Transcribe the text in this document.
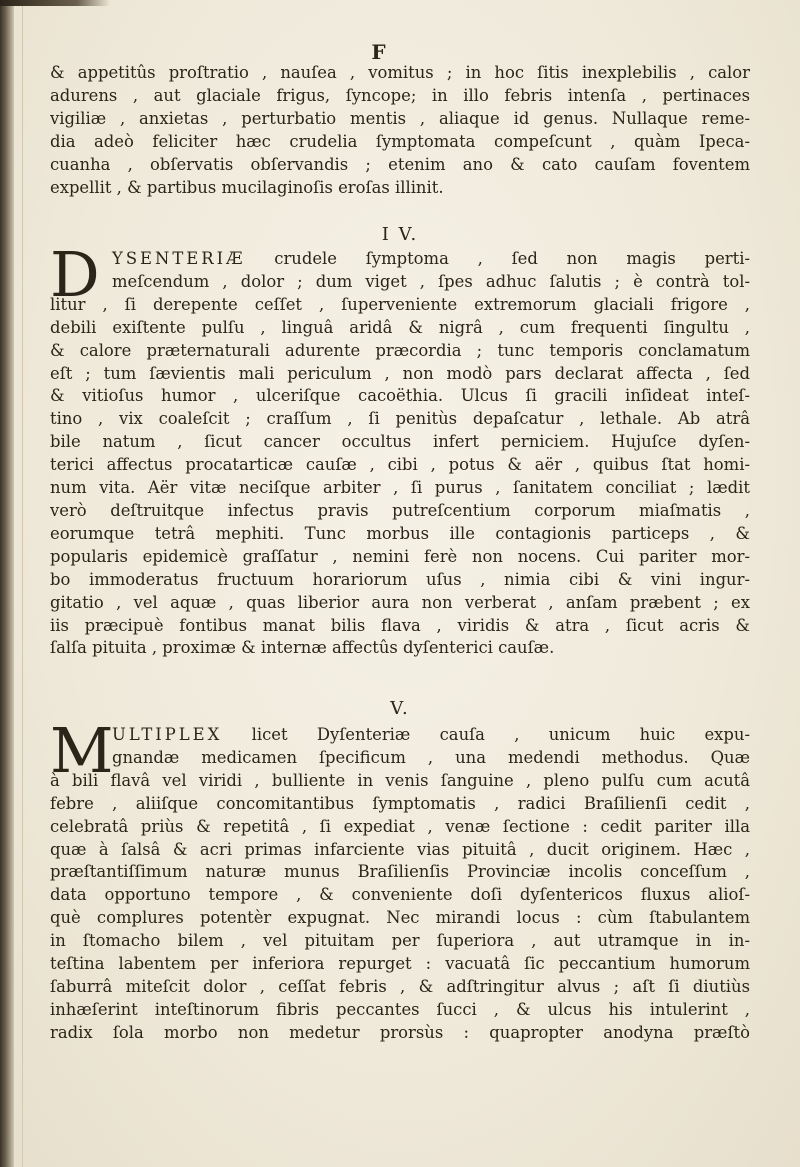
F
& appetitûs proſtratio , nauſea , vomitus ; in hoc ſitis inexplebilis , calor
adurens , aut glaciale frigus, ſyncope; in illo febris intenſa , pertinaces
vigiliæ , anxietas , perturbatio mentis , aliaque id genus. Nullaque reme-
dia adeò feliciter hæc crudelia ſymptomata compeſcunt , quàm Ipeca-
cuanha , obſervatis obſervandis ; etenim ano & cato cauſam foventem
expellit , & partibus mucilaginoſis eroſas illinit.
I V.
D YSENTERIÆ crudele ſymptoma , ſed non magis perti-
meſcendum , dolor ; dum viget , ſpes adhuc ſalutis ; è contrà tol-
litur , ſi derepente ceſſet , ſuperveniente extremorum glaciali frigore ,
debili exiſtente pulſu , linguâ aridâ & nigrâ , cum frequenti ſingultu ,
& calore præternaturali adurente præcordia ; tunc temporis conclamatum
eſt ; tum ſævientis mali periculum , non modò pars declarat affecta , ſed
& vitioſus humor , ulceriſque cacoëthia. Ulcus ſi gracili inſideat inteſ-
tino , vix coaleſcit ; craſſum , ſi penitùs depaſcatur , lethale. Ab atrâ
bile natum , ſicut cancer occultus infert perniciem. Hujuſce dyſen-
terici affectus procatarticæ cauſæ , cibi , potus & aër , quibus ſtat homi-
num vita. Aër vitæ neciſque arbiter , ſi purus , ſanitatem conciliat ; lædit
verò deſtruitque infectus pravis putreſcentium corporum miaſmatis ,
eorumque tetrâ mephiti. Tunc morbus ille contagionis particeps , &
popularis epidemicè graſſatur , nemini ferè non nocens. Cui pariter mor-
bo immoderatus fructuum horariorum uſus , nimia cibi & vini ingur-
gitatio , vel aquæ , quas liberior aura non verberat , anſam præbent ; ex
iis præcipuè fontibus manat bilis flava , viridis & atra , ſicut acris &
ſalſa pituita , proximæ & internæ affectûs dyſenterici cauſæ.
V.
M
ULTIPLEX licet Dyſenteriæ cauſa , unicum huic expu-
gnandæ medicamen ſpecificum , una medendi methodus. Quæ
à bili flavâ vel viridi , bulliente in venis ſanguine , pleno pulſu cum acutâ
febre , aliiſque concomitantibus ſymptomatis , radici Braſilienſi cedit ,
celebratâ priùs & repetitâ , ſi expediat , venæ ſectione : cedit pariter illa
quæ à ſalsâ & acri primas infarciente vias pituitâ , ducit originem. Hæc ,
præſtantiſſimum naturæ munus Braſilienſis Provinciæ incolis conceſſum ,
data opportuno tempore , & conveniente doſi dyſentericos fluxus alioſ-
què complures potentèr expugnat. Nec mirandi locus : cùm ſtabulantem
in ſtomacho bilem , vel pituitam per ſuperiora , aut utramque in in-
teſtina labentem per inferiora repurget : vacuatâ ſic peccantium humorum
ſaburrâ miteſcit dolor , ceſſat febris , & adſtringitur alvus ; aſt ſi diutiùs
inhæſerint inteſtinorum fibris peccantes ſucci , & ulcus his intulerint ,
radix ſola morbo non medetur prorsùs : quapropter anodyna præſtò
